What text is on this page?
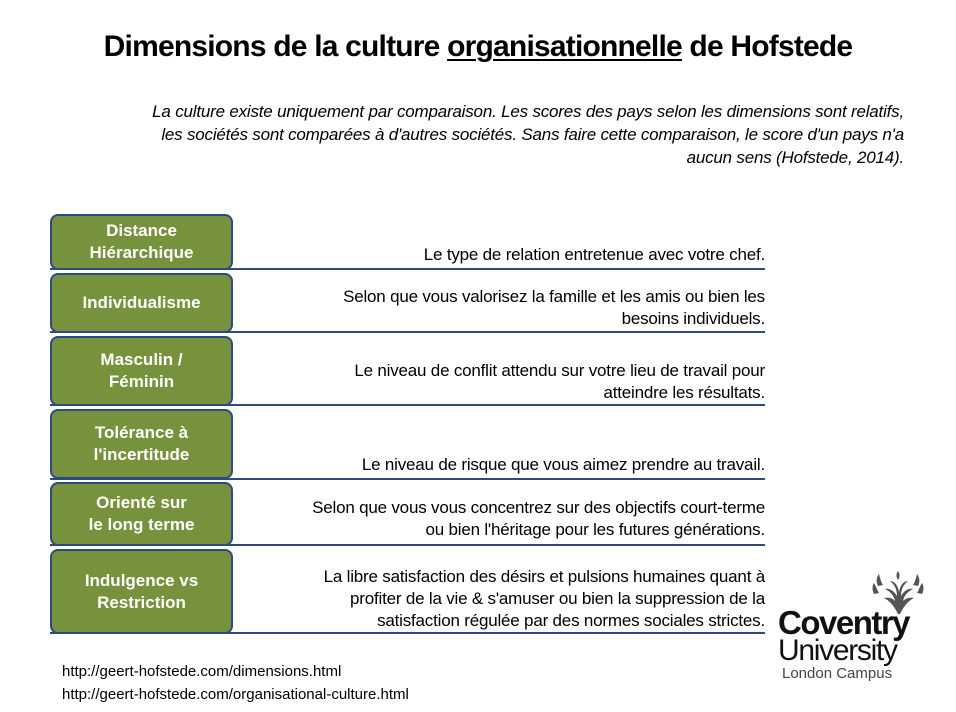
Dimensions de la culture organisationnelle de Hofstede
La culture existe uniquement par comparaison. Les scores des pays selon les dimensions sont relatifs, les sociétés sont comparées à d'autres sociétés. Sans faire cette comparaison, le score d'un pays n'a aucun sens (Hofstede, 2014).
Distance
Hiérarchique	Le type de relation entretenue avec votre chef.
Individualisme	Selon que vous valorisez la famille et les amis ou bien les
besoins individuels.
Masculin /
Féminin
Le niveau de conflit attendu sur votre lieu de travail pour
atteindre les résultats.
Tolérance à
l'incertitude
Le niveau de risque que vous aimez prendre au travail.
Orienté sur
le long terme
Selon que vous vous concentrez sur des objectifs court-terme
ou bien l'héritage pour les futures générations.
Indulgence vs
Restriction
La libre satisfaction des désirs et pulsions humaines quant à
profiter de la vie & s'amuser ou bien la suppression de la
satisfaction régulée par des normes sociales strictes.
http://geert-hofstede.com/dimensions.html
http://geert-hofstede.com/organisational-culture.html
Coventry
University
London Campus
